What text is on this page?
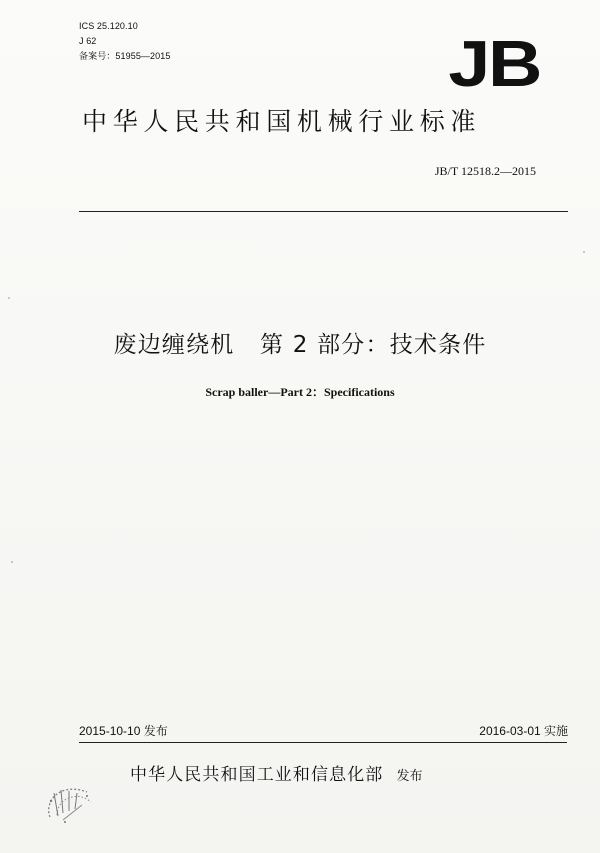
ICS 25.120.10
J 62
备案号：51955—2015	JB
中华人民共和国机械行业标准
JB/T 12518.2—2015
废边缠绕机   第 2 部分：技术条件
Scrap baller—Part 2：Specifications
2015-10-10 发布	2016-03-01 实施
中华人民共和国工业和信息化部 发布
